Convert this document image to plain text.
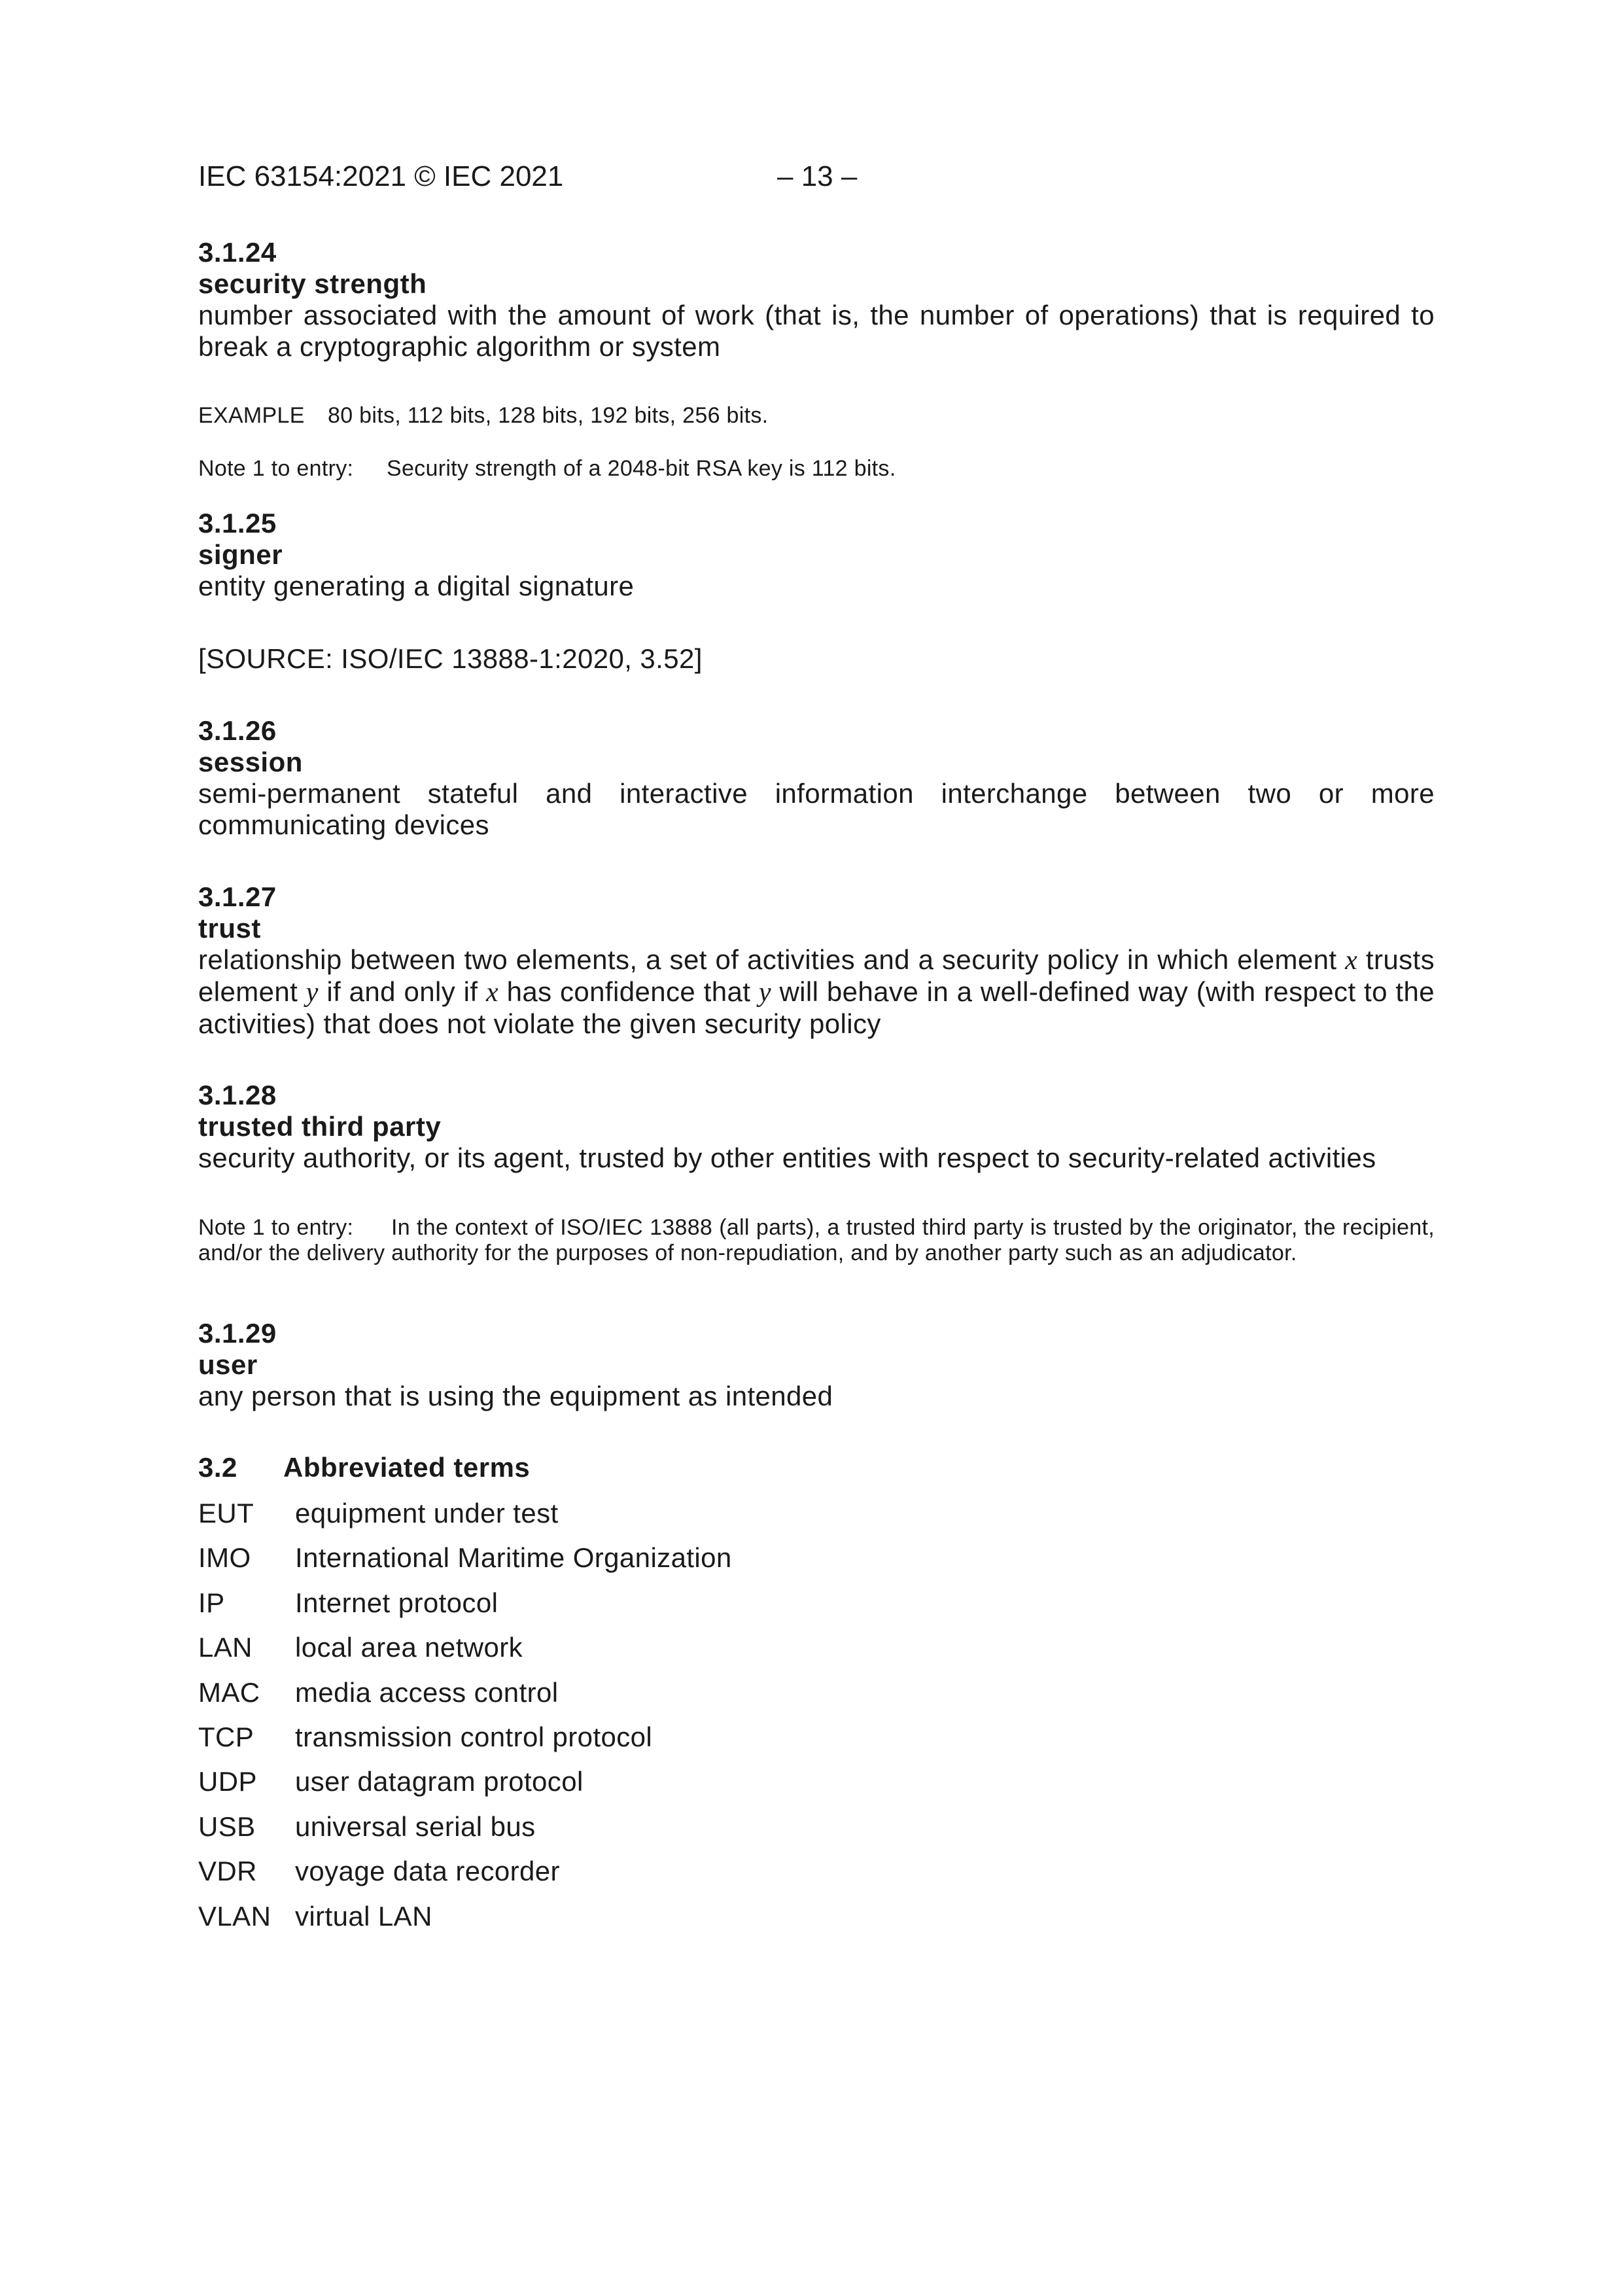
IEC 63154:2021 © IEC 2021	– 13 –
3.1.24
security strength
number associated with the amount of work (that is, the number of operations) that is required to break a cryptographic algorithm or system
EXAMPLE 80 bits, 112 bits, 128 bits, 192 bits, 256 bits.
Note 1 to entry: Security strength of a 2048-bit RSA key is 112 bits.
3.1.25
signer
entity generating a digital signature
[SOURCE: ISO/IEC 13888-1:2020, 3.52]
3.1.26
session
semi-permanent stateful and interactive information interchange between two or more communicating devices
3.1.27
trust
relationship between two elements, a set of activities and a security policy in which element x trusts element y if and only if x has confidence that y will behave in a well-defined way (with respect to the activities) that does not violate the given security policy
3.1.28
trusted third party
security authority, or its agent, trusted by other entities with respect to security-related activities
Note 1 to entry: In the context of ISO/IEC 13888 (all parts), a trusted third party is trusted by the originator, the recipient, and/or the delivery authority for the purposes of non-repudiation, and by another party such as an adjudicator.
3.1.29
user
any person that is using the equipment as intended
3.2 Abbreviated terms
EUT equipment under test
IMO International Maritime Organization
IP	Internet protocol
LAN local area network
MAC media access control
TCP transmission control protocol
UDP user datagram protocol
USB universal serial bus
VDR voyage data recorder
VLAN virtual LAN
